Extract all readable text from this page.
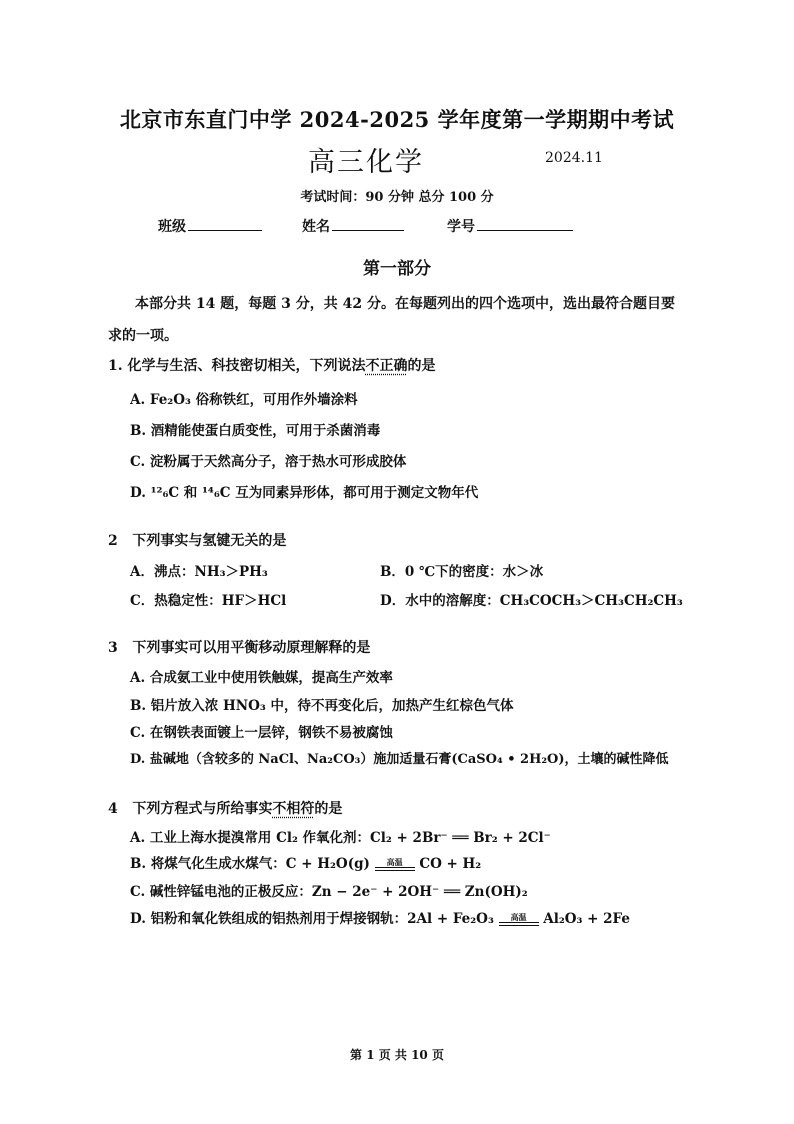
北京市东直门中学 2024-2025 学年度第一学期期中考试
高三化学	2024.11
考试时间：90 分钟 总分 100 分
班级	姓名	学号
第一部分
本部分共 14 题，每题 3 分，共 42 分。在每题列出的四个选项中，选出最符合题目要
求的一项。
1. 化学与生活、科技密切相关，下列说法不正确的是
A. Fe₂O₃ 俗称铁红，可用作外墙涂料
B. 酒精能使蛋白质变性，可用于杀菌消毒
C. 淀粉属于天然高分子，溶于热水可形成胶体
D. ¹²₆C 和 ¹⁴₆C 互为同素异形体，都可用于测定文物年代
2 下列事实与氢键无关的是
A．沸点：NH₃＞PH₃	B．0 ℃下的密度：水＞冰
C．热稳定性：HF＞HCl	D．水中的溶解度：CH₃COCH₃＞CH₃CH₂CH₃
3 下列事实可以用平衡移动原理解释的是
A. 合成氨工业中使用铁触媒，提高生产效率
B. 铝片放入浓 HNO₃ 中，待不再变化后，加热产生红棕色气体
C. 在钢铁表面镀上一层锌，钢铁不易被腐蚀
D. 盐碱地（含较多的 NaCl、Na₂CO₃）施加适量石膏(CaSO₄ • 2H₂O)，土壤的碱性降低
4 下列方程式与所给事实不相符的是
A. 工业上海水提溴常用 Cl₂ 作氧化剂：Cl₂ + 2Br⁻ ══ Br₂ + 2Cl⁻
B. 将煤气化生成水煤气：C + H₂O(g)	高温	CO + H₂
C. 碱性锌锰电池的正极反应：Zn − 2e⁻ + 2OH⁻ ══ Zn(OH)₂
D. 铝粉和氧化铁组成的铝热剂用于焊接钢轨：2Al + Fe₂O₃	高温	Al₂O₃ + 2Fe
第 1 页 共 10 页
